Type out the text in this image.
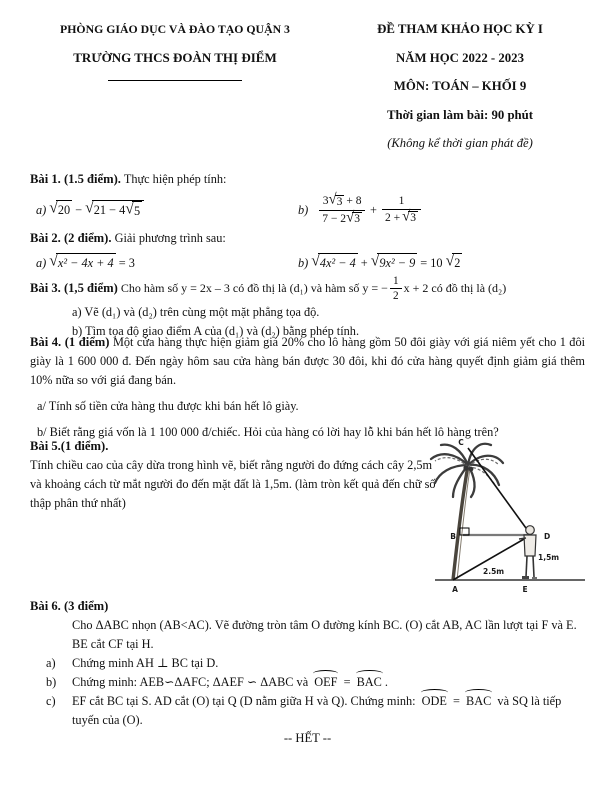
PHÒNG GIÁO DỤC VÀ ĐÀO TẠO QUẬN 3
TRƯỜNG THCS ĐOÀN THỊ ĐIỂM
ĐỀ THAM KHẢO HỌC KỲ I
NĂM HỌC 2022 - 2023
MÔN: TOÁN – KHỐI 9
Thời gian làm bài: 90 phút
(Không kể thời gian phát đề)
Bài 1. (1.5 điểm). Thực hiện phép tính:
a) √ 20 − √ 21 − 4 √ 5	$b) \frac{3 √ 3 + 8}{7 - 2 √ 3} + \frac{1}{2 + √ 3}$
Bài 2. (2 điểm). Giải phương trình sau:
a) √ x² − 4x + 4 = 3	b) √ 4x² − 4 + √ 9x² − 9 = 10 √ 2
Bài 3. (1,5 điểm) Cho hàm số y = 2x – 3 có đồ thị là (d₁) và hàm số y = − $\frac{1}{2}$ x + 2 có đồ thị là (d₂)
a) Vẽ (d₁) và (d₂) trên cùng một mặt phẳng tọa độ.
b) Tìm tọa độ giao điểm A của (d₁) và (d₂) bằng phép tính.
Bài 4. (1 điểm) Một cửa hàng thực hiện giảm giá 20% cho lô hàng gồm 50 đôi giày với giá niêm yết cho 1 đôi giày là 1 600 000 đ. Đến ngày hôm sau cửa hàng bán được 30 đôi, khi đó cửa hàng quyết định giảm giá thêm 10% nữa so với giá đang bán.
a/ Tính số tiền cửa hàng thu được khi bán hết lô giày.
b/ Biết rằng giá vốn là 1 100 000 đ/chiếc. Hỏi của hàng có lời hay lỗ khi bán hết lô hàng trên?
Bài 5.(1 điểm).
Tính chiều cao của cây dừa trong hình vẽ, biết rằng người đo đứng cách cây 2,5m và khoảng cách từ mắt người đo đến mặt đất là 1,5m. (làm tròn kết quả đến chữ số thập phân thứ nhất)
C
B	D
A	E
1,5m
2.5m
Bài 6. (3 điểm)
Cho ΔABC nhọn (AB<AC). Vẽ đường tròn tâm O đường kính BC. (O) cắt AB, AC lần lượt tại F và E. BE cắt CF tại H.
a)	Chứng minh AH ⊥ BC tại D.
b)	Chứng minh: AEB∽ΔAFC; ΔAEF ∽ ΔABC và OEF = BAC .
c)	EF cắt BC tại S. AD cắt (O) tại Q (D nằm giữa H và Q). Chứng minh: ODE = BAC và SQ là tiếp tuyến của (O).
-- HẾT --
